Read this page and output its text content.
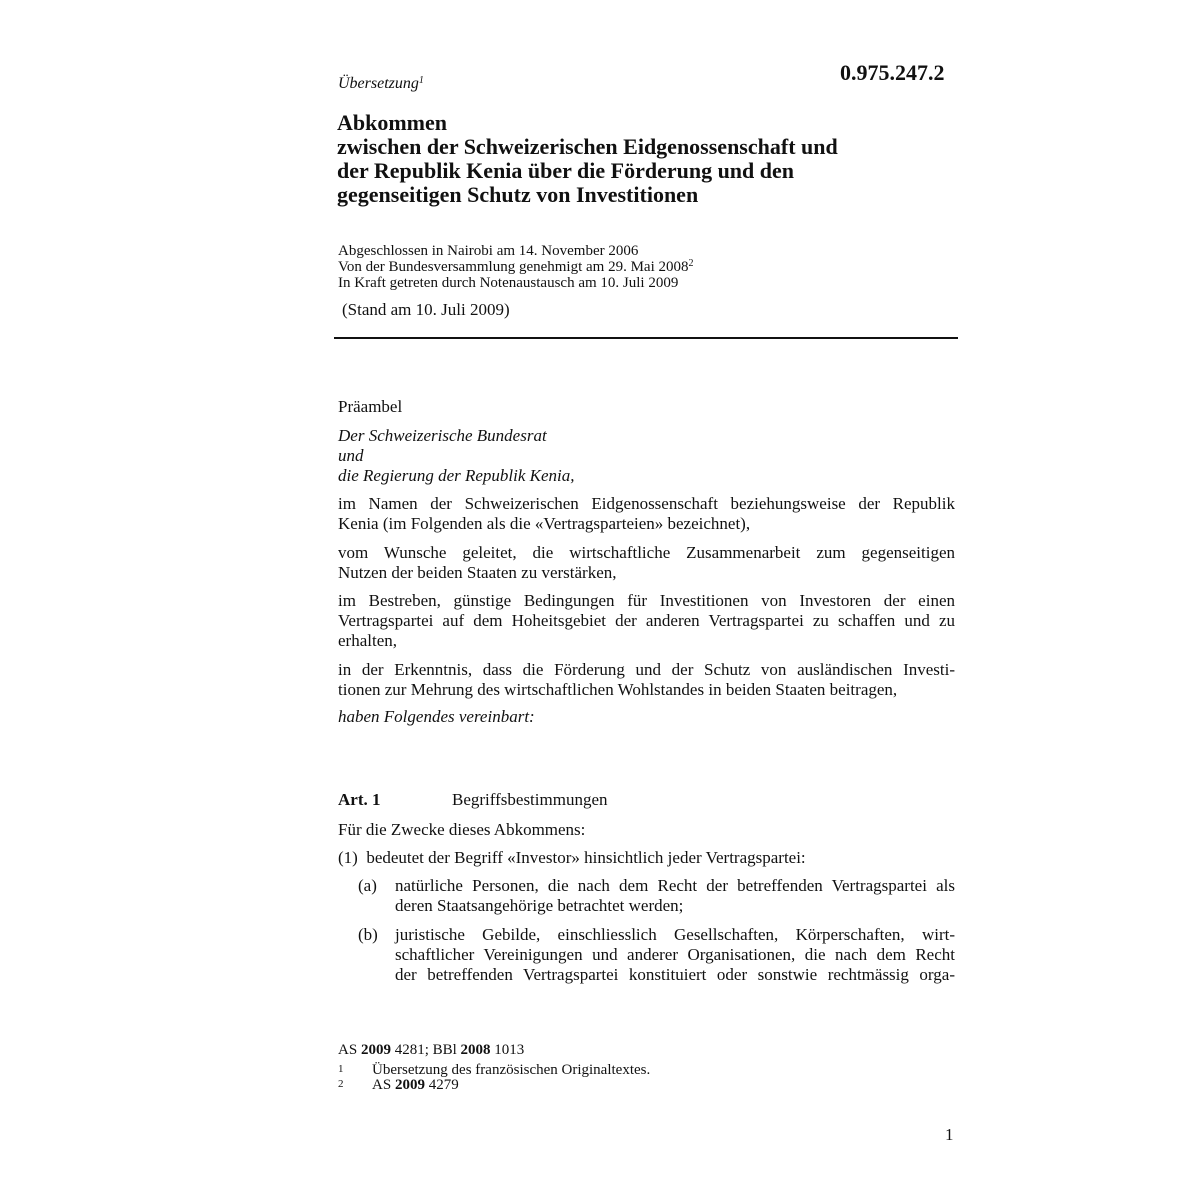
Übersetzung$^1$	0.975.247.2
Abkommen
zwischen der Schweizerischen Eidgenossenschaft und
der Republik Kenia über die Förderung und den
gegenseitigen Schutz von Investitionen
Abgeschlossen in Nairobi am 14. November 2006
Von der Bundesversammlung genehmigt am 29. Mai 2008$^2$
In Kraft getreten durch Notenaustausch am 10. Juli 2009
(Stand am 10. Juli 2009)
Präambel
Der Schweizerische Bundesrat
und
die Regierung der Republik Kenia,
im Namen der Schweizerischen Eidgenossenschaft beziehungsweise der Republik
Kenia (im Folgenden als die «Vertragsparteien» bezeichnet),
vom Wunsche geleitet, die wirtschaftliche Zusammenarbeit zum gegenseitigen
Nutzen der beiden Staaten zu verstärken,
im Bestreben, günstige Bedingungen für Investitionen von Investoren der einen
Vertragspartei auf dem Hoheitsgebiet der anderen Vertragspartei zu schaffen und zu
erhalten,
in der Erkenntnis, dass die Förderung und der Schutz von ausländischen Investi-
tionen zur Mehrung des wirtschaftlichen Wohlstandes in beiden Staaten beitragen,
haben Folgendes vereinbart:
Art. 1	Begriffsbestimmungen
Für die Zwecke dieses Abkommens:
(1)  bedeutet der Begriff «Investor» hinsichtlich jeder Vertragspartei:
(a) natürliche Personen, die nach dem Recht der betreffenden Vertragspartei als
deren Staatsangehörige betrachtet werden;
(b) juristische Gebilde, einschliesslich Gesellschaften, Körperschaften, wirt-
schaftlicher Vereinigungen und anderer Organisationen, die nach dem Recht
der betreffenden Vertragspartei konstituiert oder sonstwie rechtmässig orga-
AS 2009 4281; BBl 2008 1013
1	Übersetzung des französischen Originaltextes.
2	AS 2009 4279
1
